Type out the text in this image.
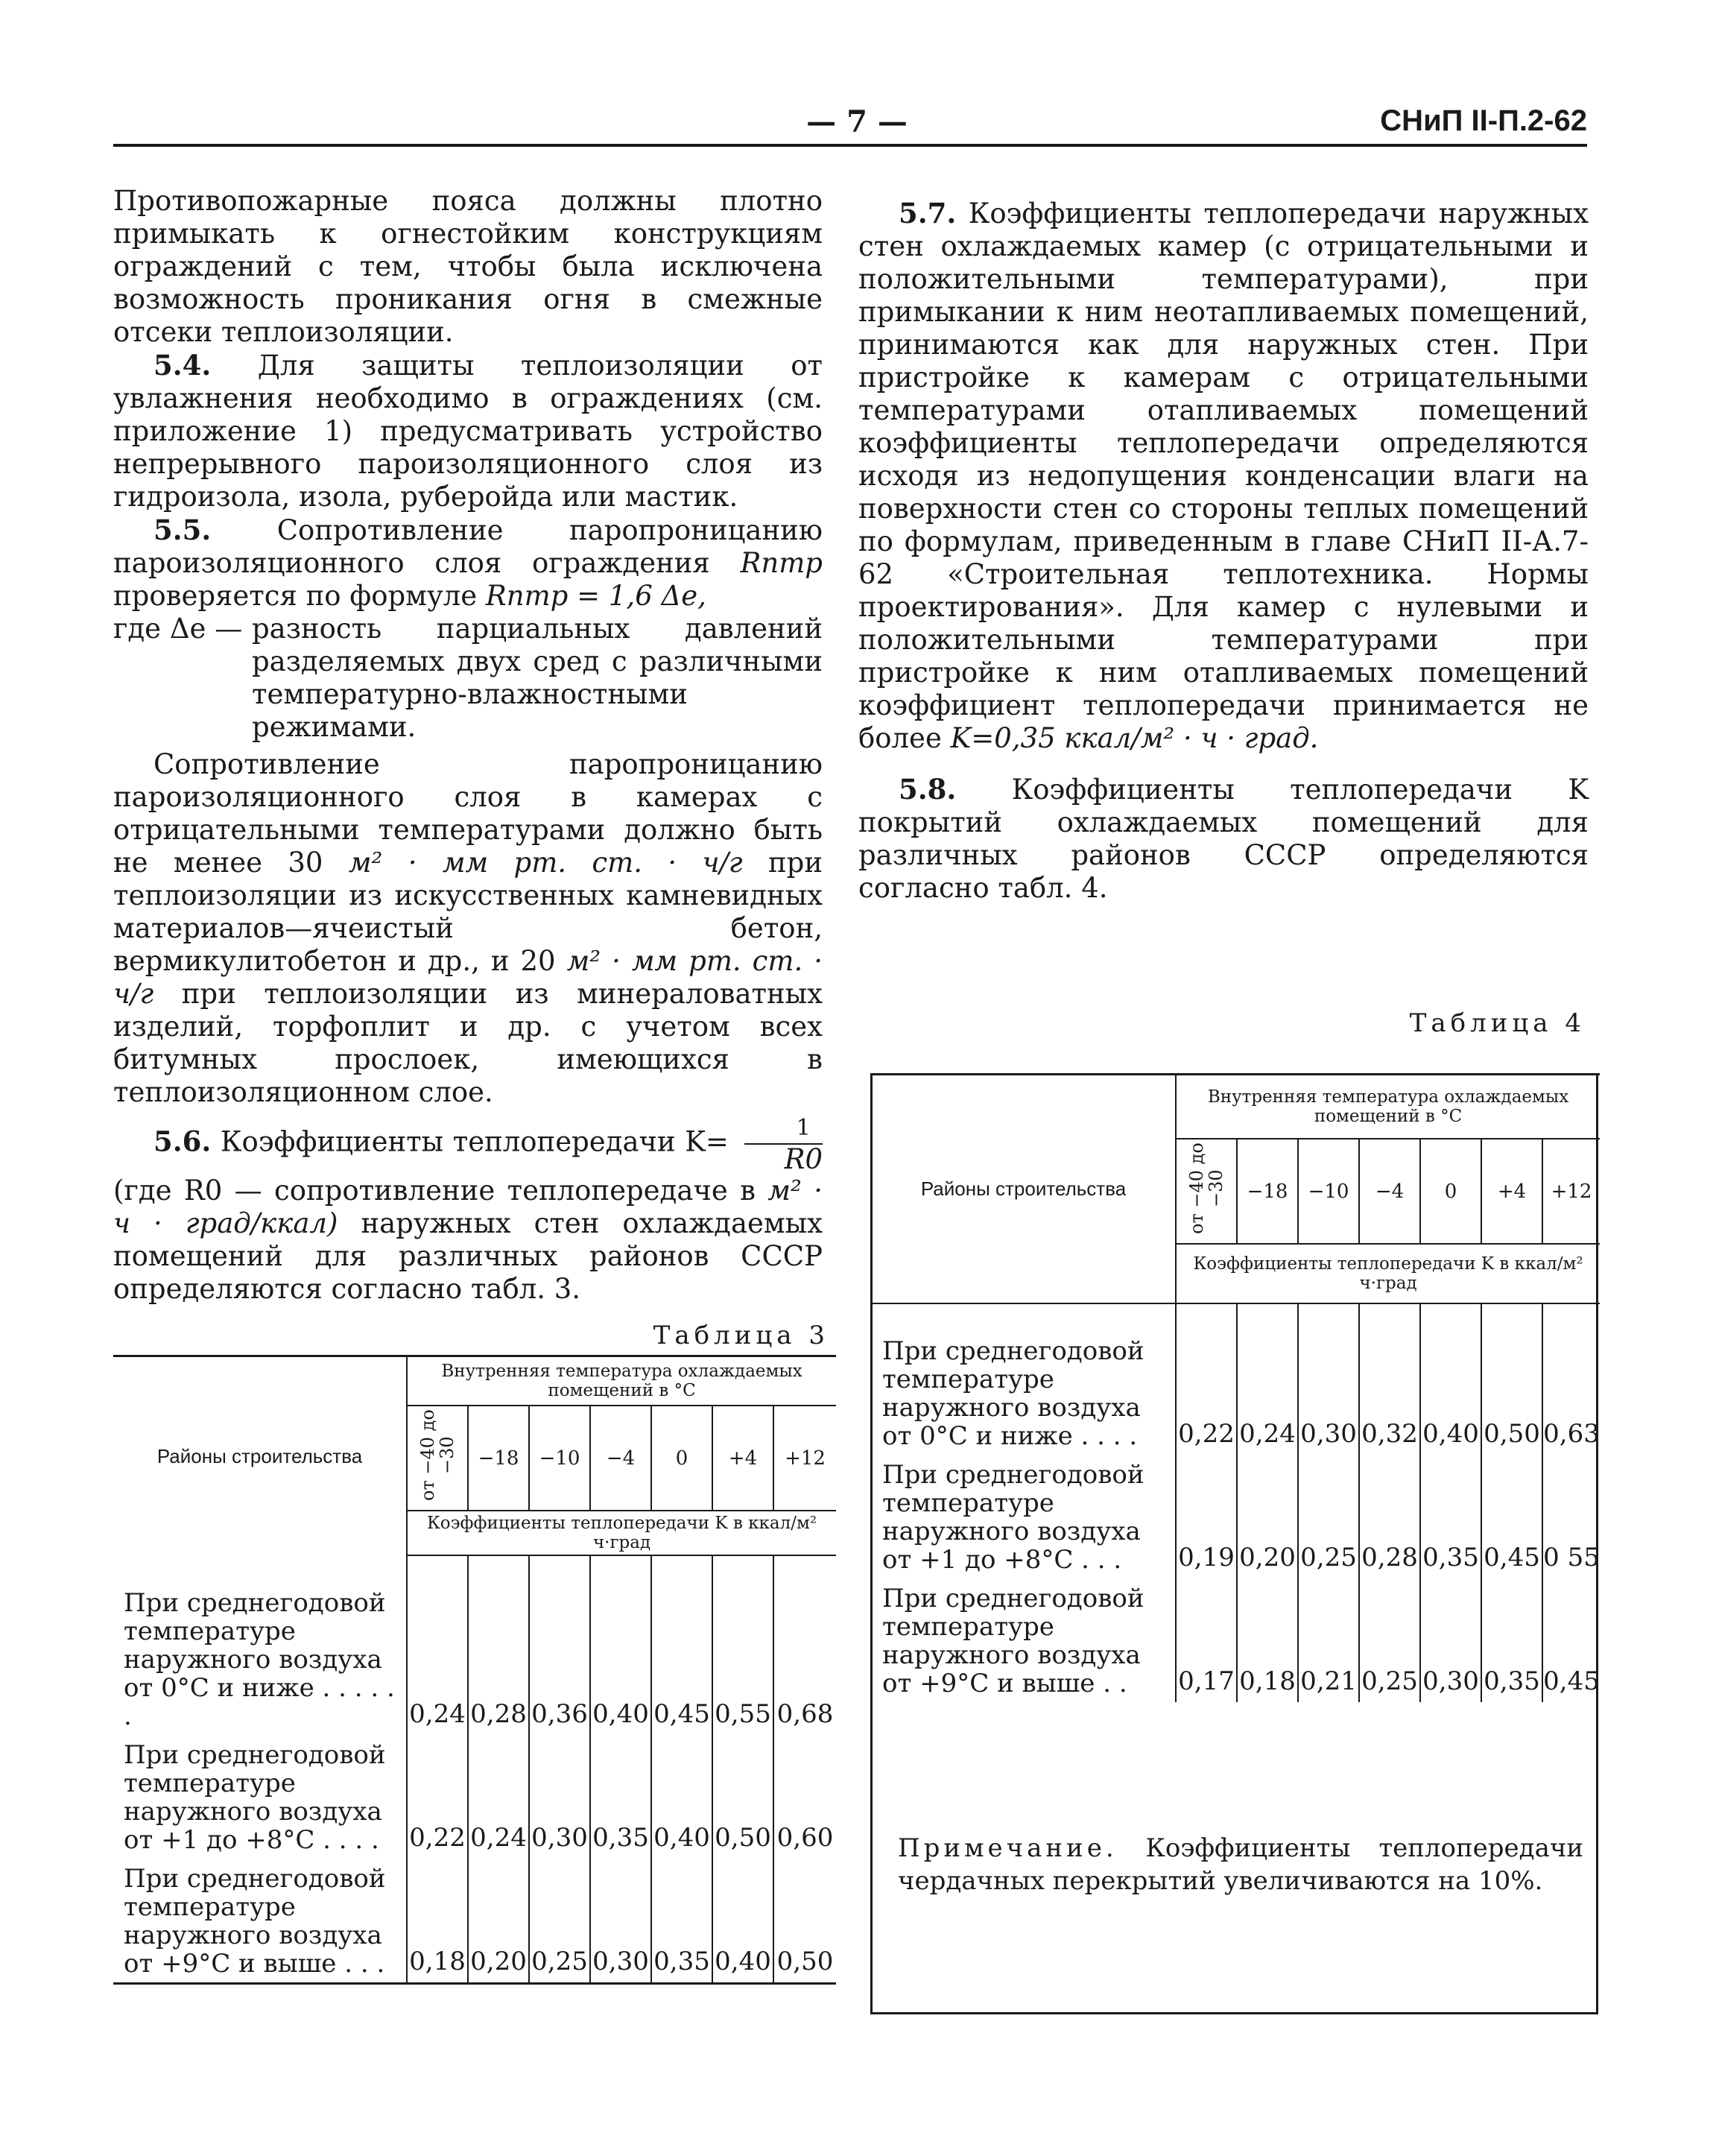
— 7 —	СНиП II-П.2-62

Противопожарные пояса должны плотно примыкать к огнестойким конструкциям ограждений с тем, чтобы была исключена возможность проникания огня в смежные отсеки теплоизоляции.

5.4. Для защиты теплоизоляции от увлажнения необходимо в ограждениях (см. приложение 1) предусматривать устройство непрерывного пароизоляционного слоя из гидроизола, изола, руберойда или мастик.

5.5. Сопротивление паропроницанию пароизоляционного слоя ограждения Rптр проверяется по формуле Rптр = 1,6 Δe,

где Δe — разность парциальных давлений разделяемых двух сред с различными температурно-влажностными режимами.

Сопротивление паропроницанию пароизоляционного слоя в камерах с отрицательными температурами должно быть не менее 30 м² · мм рт. ст. · ч/г при теплоизоляции из искусственных камневидных материалов—ячеистый бетон, вермикулитобетон и др., и 20 м² · мм рт. ст. · ч/г при теплоизоляции из минераловатных изделий, торфоплит и др. с учетом всех битумных прослоек, имеющихся в теплоизоляционном слое.

5.6. Коэффициенты теплопередачи $K= \frac{1}{R0}$
(где R0 — сопротивление теплопередаче в м² · ч · град/ккал) наружных стен охлаждаемых помещений для различных районов СССР определяются согласно табл. 3.

5.7. Коэффициенты теплопередачи наружных стен охлаждаемых камер (с отрицательными и положительными температурами), при примыкании к ним неотапливаемых помещений, принимаются как для наружных стен. При пристройке к камерам с отрицательными температурами отапливаемых помещений коэффициенты теплопередачи определяются исходя из недопущения конденсации влаги на поверхности стен со стороны теплых помещений по формулам, приведенным в главе СНиП II-А.7-62 «Строительная теплотехника. Нормы проектирования». Для камер с нулевыми и положительными температурами при пристройке к ним отапливаемых помещений коэффициент теплопередачи принимается не более K=0,35 ккал/м² · ч · град.

5.8. Коэффициенты теплопередачи K покрытий охлаждаемых помещений для различных районов СССР определяются согласно табл. 4.

Таблица 3
Районы строительства	Внутренняя температура охлаждаемых помещений в °C						
	от −40 до −30	−18	−10	−4	0	+4	+12
	Коэффициенты теплопередачи K в ккал/м² ч·град						

При среднегодовой температуре наружного воздуха от 0°C и ниже . . . . . .	0,24	0,28	0,36	0,40	0,45	0,55	0,68
При среднегодовой температуре наружного воздуха от +1 до +8°C . . . .	0,22	0,24	0,30	0,35	0,40	0,50	0,60
При среднегодовой температуре наружного воздуха от +9°C и выше . . .	0,18	0,20	0,25	0,30	0,35	0,40	0,50
Таблица 4
Районы строительства	Внутренняя температура охлаждаемых помещений в °C						
	от −40 до −30	−18	−10	−4	0	+4	+12
	Коэффициенты теплопередачи K в ккал/м² ч·град						

При среднегодовой температуре наружного воздуха от 0°C и ниже . . . .	0,22	0,24	0,30	0,32	0,40	0,50	0,63
При среднегодовой температуре наружного воздуха от +1 до +8°C . . .	0,19	0,20	0,25	0,28	0,35	0,45	0 55
При среднегодовой температуре наружного воздуха от +9°C и выше . .	0,17	0,18	0,21	0,25	0,30	0,35	0,45
Примечание. Коэффициенты теплопередачи чердачных перекрытий увеличиваются на 10%.
